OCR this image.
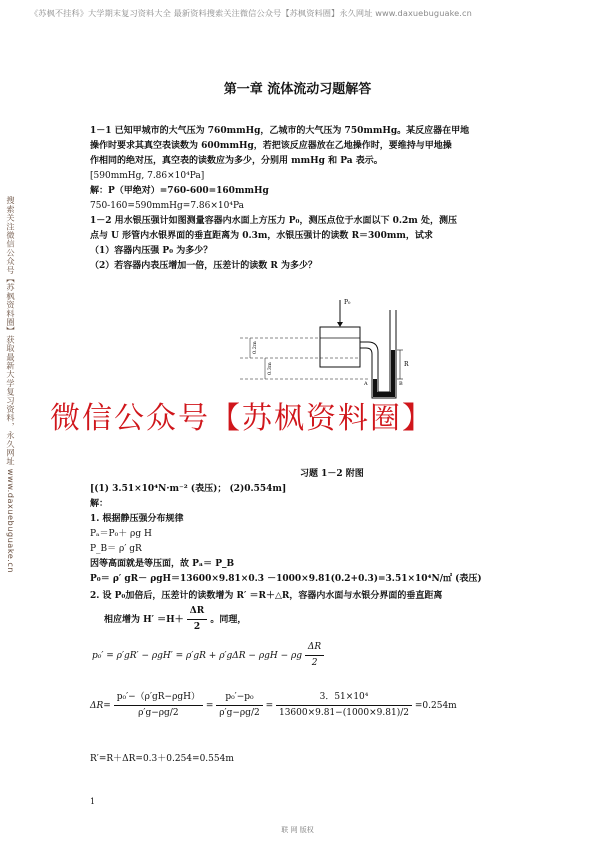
《苏枫不挂科》大学期末复习资料大全 最新资料搜索关注微信公众号【苏枫资料圈】永久网址 www.daxuebuguake.cn
搜索关注微信公众号【苏枫资料圈】获取最新大学复习资料，永久网址 www.daxuebuguake.cn
第一章 流体流动习题解答
1－1 已知甲城市的大气压为 760mmHg，乙城市的大气压为 750mmHg。某反应器在甲地
操作时要求其真空表读数为 600mmHg，若把该反应器放在乙地操作时，要维持与甲地操
作相同的绝对压，真空表的读数应为多少，分别用 mmHg 和 Pa 表示。
[590mmHg, 7.86×10⁴Pa]
解：P（甲绝对）=760-600=160mmHg
750-160=590mmHg=7.86×10⁴Pa
1－2 用水银压强计如图测量容器内水面上方压力 P₀，测压点位于水面以下 0.2m 处，测压
点与 U 形管内水银界面的垂直距离为 0.3m，水银压强计的读数 R＝300mm，试求
（1）容器内压强 P₀ 为多少？
（2）若容器内表压增加一倍，压差计的读数 R 为多少？
P₀
0.2m
0.3m	R
A	B
微信公众号【苏枫资料圈】
习题 1－2 附图
[(1) 3.51×10⁴N·m⁻² (表压)； (2)0.554m]
解：
1. 根据静压强分布规律
Pₐ＝P₀＋ ρg H
P_B＝ ρ′ gR
因等高面就是等压面，故 Pₐ＝ P_B
P₀＝ ρ′ gR－ ρgH＝13600×9.81×0.3 －1000×9.81(0.2+0.3)=3.51×10⁴N/㎡ (表压)
2. 设 P₀加倍后，压差计的读数增为 R′ ＝R＋△R，容器内水面与水银分界面的垂直距离
相应增为 $H' =H+ \frac{\Delta R}{2}$ 。同理，
p₀′ = ρ′gR′ − ρgH′ = ρ′gR + ρ′gΔR − ρgH − ρg $\frac{\Delta R}{2}$
$\Delta R= \frac{\text{p₀′−（ρ′gR−ρgH）}}{\rho'g-\rho g/2} = \frac{\text{p₀′−p₀}}{\rho'g-\rho g/2} = \frac{\text{3．51×10⁴}}{13600\times 9.81-(1000\times 9.81)/2} =0.254m$
R′=R＋ΔR=0.3＋0.254=0.554m
1
联 网 版权
